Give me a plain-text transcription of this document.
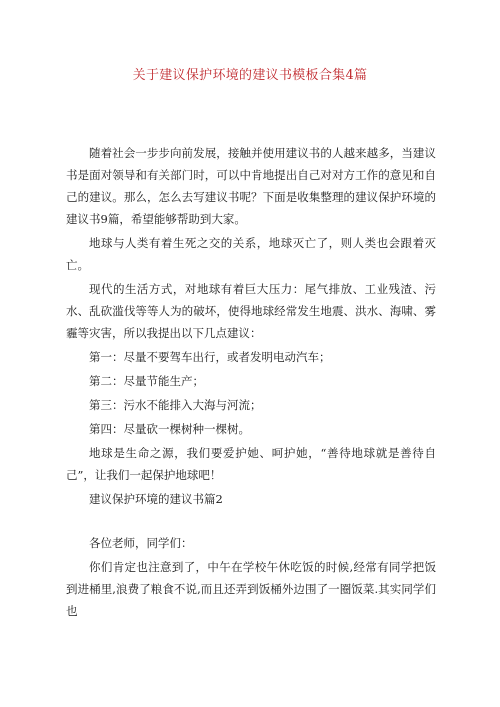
关于建议保护环境的建议书模板合集4篇

随着社会一步步向前发展，接触并使用建议书的人越来越多，当建议书是面对领导和有关部门时，可以中肯地提出自己对对方工作的意见和自己的建议。那么，怎么去写建议书呢？下面是收集整理的建议保护环境的建议书9篇，希望能够帮助到大家。

地球与人类有着生死之交的关系，地球灭亡了，则人类也会跟着灭亡。

现代的生活方式，对地球有着巨大压力：尾气排放、工业残渣、污水、乱砍滥伐等等人为的破坏，使得地球经常发生地震、洪水、海啸、雾霾等灾害，所以我提出以下几点建议：

第一：尽量不要驾车出行，或者发明电动汽车；

第二：尽量节能生产；

第三：污水不能排入大海与河流；

第四：尽量砍一棵树种一棵树。

地球是生命之源，我们要爱护她、呵护她，“善待地球就是善待自己”，让我们一起保护地球吧！

建议保护环境的建议书篇2

各位老师，同学们：

你们肯定也注意到了，中午在学校午休吃饭的时候,经常有同学把饭到进桶里,浪费了粮食不说,而且还弄到饭桶外边围了一圈饭菜.其实同学们也
